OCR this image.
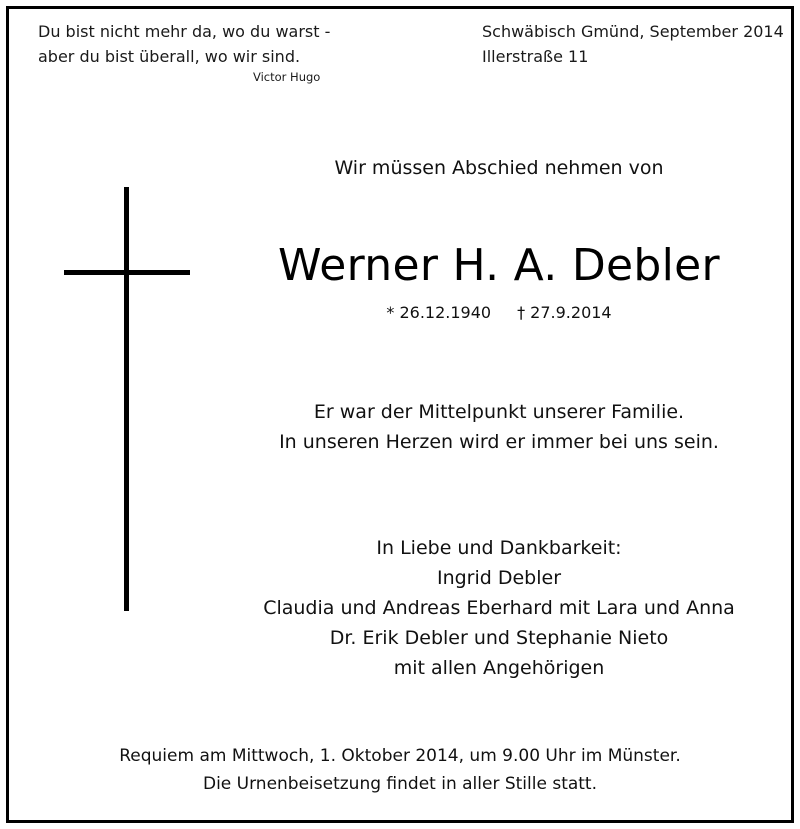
Du bist nicht mehr da, wo du warst -
aber du bist überall, wo wir sind.
Victor Hugo
Schwäbisch Gmünd, September 2014
Illerstraße 11
Wir müssen Abschied nehmen von
Werner H. A. Debler
* 26.12.1940 † 27.9.2014
Er war der Mittelpunkt unserer Familie.
In unseren Herzen wird er immer bei uns sein.
In Liebe und Dankbarkeit:
Ingrid Debler
Claudia und Andreas Eberhard mit Lara und Anna
Dr. Erik Debler und Stephanie Nieto
mit allen Angehörigen
Requiem am Mittwoch, 1. Oktober 2014, um 9.00 Uhr im Münster.
Die Urnenbeisetzung findet in aller Stille statt.
